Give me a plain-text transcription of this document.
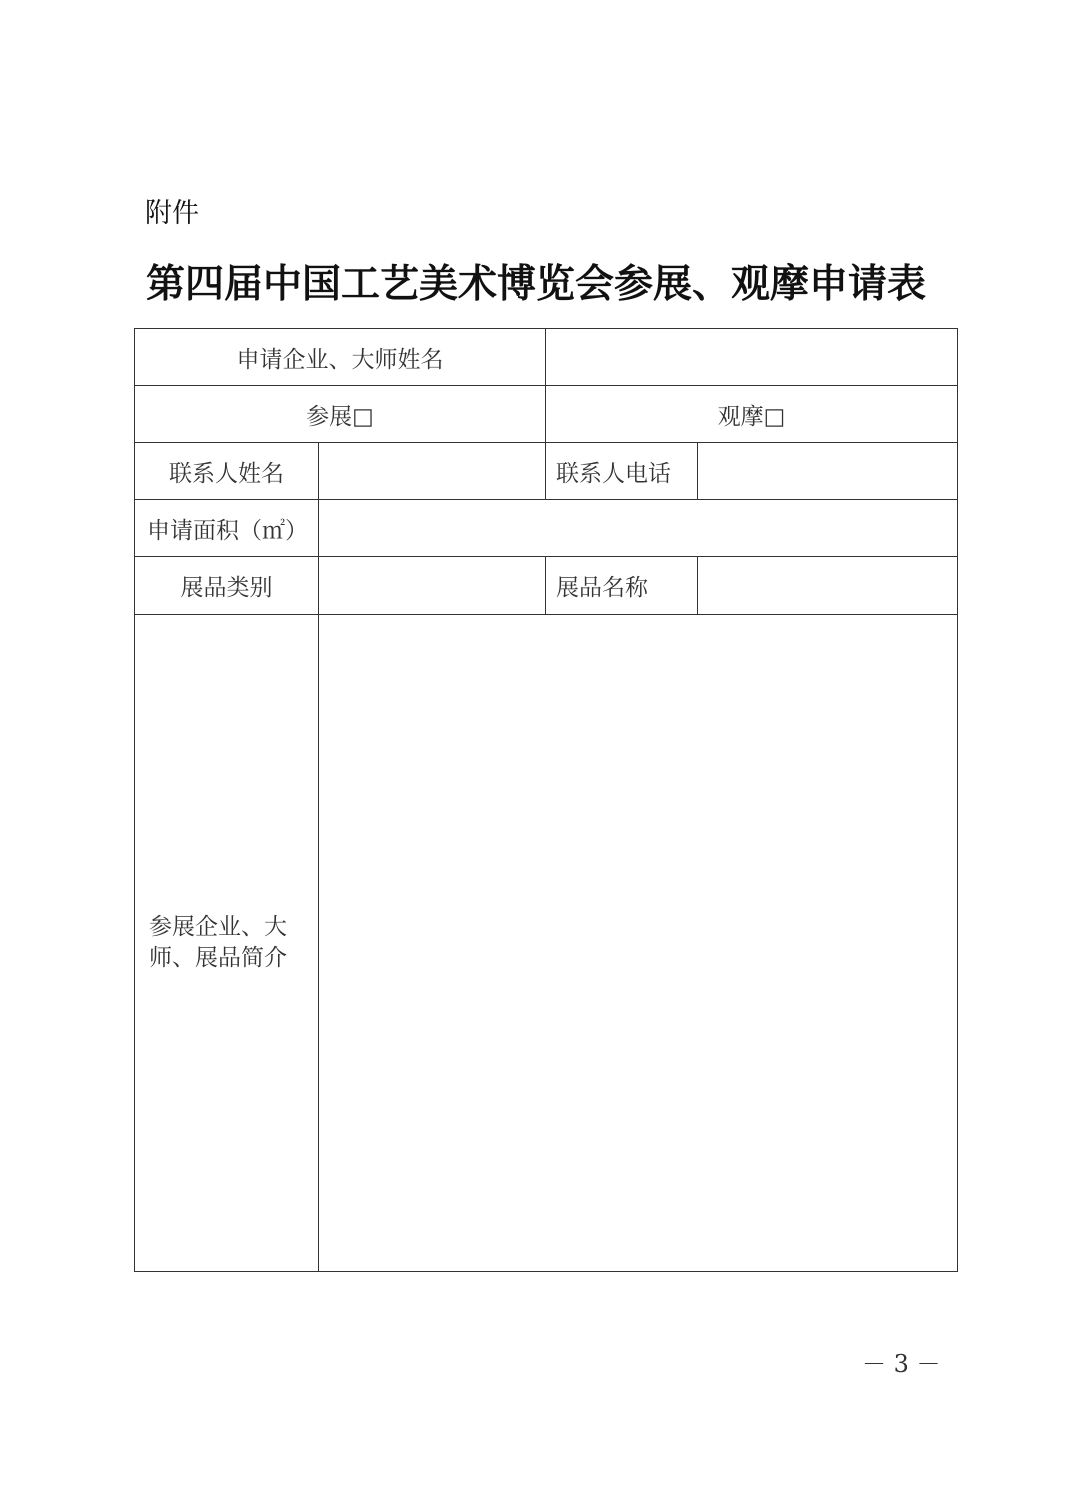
附件
第四届中国工艺美术博览会参展、观摩申请表
申请企业、大师姓名			
参展□		观摩□	
联系人姓名		联系人电话	
申请面积（㎡）			
展品类别		展品名称	
参展企业、大师、展品简介			
－ 3 －
